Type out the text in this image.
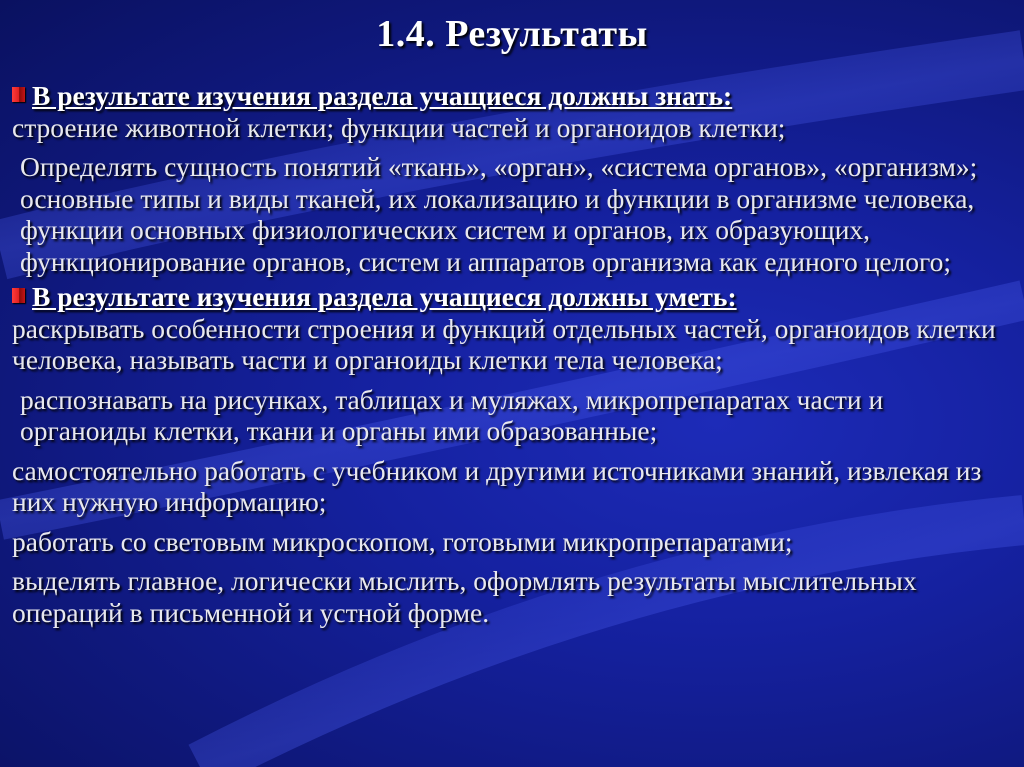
1.4. Результаты
В результате изучения раздела учащиеся должны знать:

строение животной клетки; функции частей и органоидов клетки;

Определять сущность понятий «ткань», «орган», «система органов», «организм»; основные типы и виды тканей, их локализацию и функции в организме человека, функции основных физиологических систем и органов, их образующих, функционирование органов, систем и аппаратов организма как единого целого;

В результате изучения раздела учащиеся должны уметь:

раскрывать особенности строения и функций отдельных частей, органоидов клетки человека, называть части и органоиды клетки тела человека;

распознавать на рисунках, таблицах и муляжах, микропрепаратах части и органоиды клетки, ткани и органы ими образованные;

самостоятельно работать с учебником и другими источниками знаний, извлекая из них нужную информацию;

работать со световым микроскопом, готовыми микропрепаратами;

выделять главное, логически мыслить, оформлять результаты мыслительных операций в письменной и устной форме.
